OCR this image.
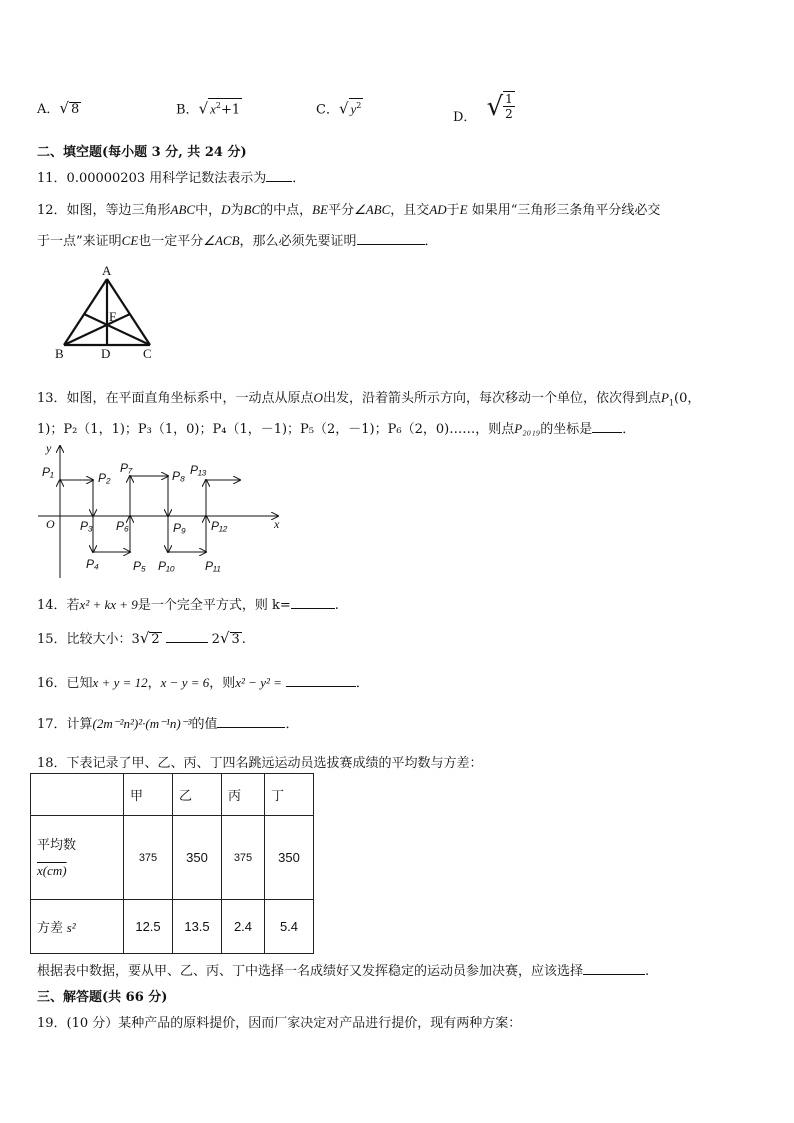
A．√ 8	B．√ $x^2+1$	C．√ $y^2$
D． √ $\frac{1}{2}$
二、填空题(每小题 3 分, 共 24 分)
11．0.00000203 用科学记数法表示为 ．
12．如图，等边三角形ABC中，D为BC的中点，BE平分∠ABC，且交AD于E 如果用“三角形三条角平分线必交
于一点”来证明CE也一定平分∠ACB，那么必须先要证明	．
A
E
B	D	C
13．如图，在平面直角坐标系中，一动点从原点O出发，沿着箭头所示方向，每次移动一个单位，依次得到点$P_1(0$，
1)；P₂（1，1)；P₃（1，0)；P₄（1，－1)；P₅（2，－1)；P₆（2，0)……，则点P₂₀₁₉的坐标是 ．
y
x
O
P₁	P₂
P₃
P₄	P₅
P₆
P₇
P₈
P₉
P₁₀	P₁₁
P₁₂
P₁₃
14．若x² + kx + 9是一个完全平方式，则 k=	.
15．比较大小：3√ 2	2√ 3 .
16．已知x + y = 12，x − y = 6，则x² − y² =	．
17．计算(2m⁻²n²)²·(m⁻¹n)⁻³的值	．
18．下表记录了甲、乙、丙、丁四名跳远运动员选拔赛成绩的平均数与方差：
	甲	乙	丙	丁

平均数
x(cm)	375	350	375	350
方差 s²	12.5	13.5	2.4	5.4
根据表中数据，要从甲、乙、丙、丁中选择一名成绩好又发挥稳定的运动员参加决赛，应该选择	.
三、解答题(共 66 分)
19．(10 分）某种产品的原料提价，因而厂家决定对产品进行提价，现有两种方案：
